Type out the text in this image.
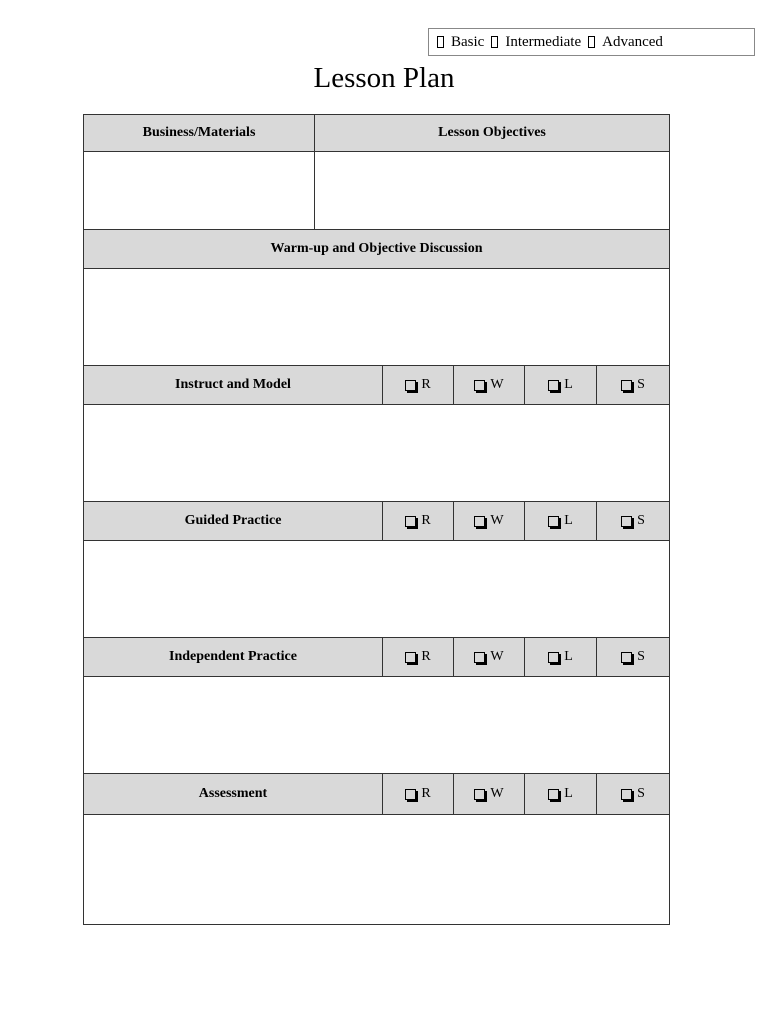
Basic Intermediate Advanced
Lesson Plan
Business/Materials	Lesson Objectives
Warm-up and Objective Discussion
Instruct and Model	R	W	L	S
Guided Practice	R	W	L	S
Independent Practice	R	W	L	S
Assessment	R	W	L	S
